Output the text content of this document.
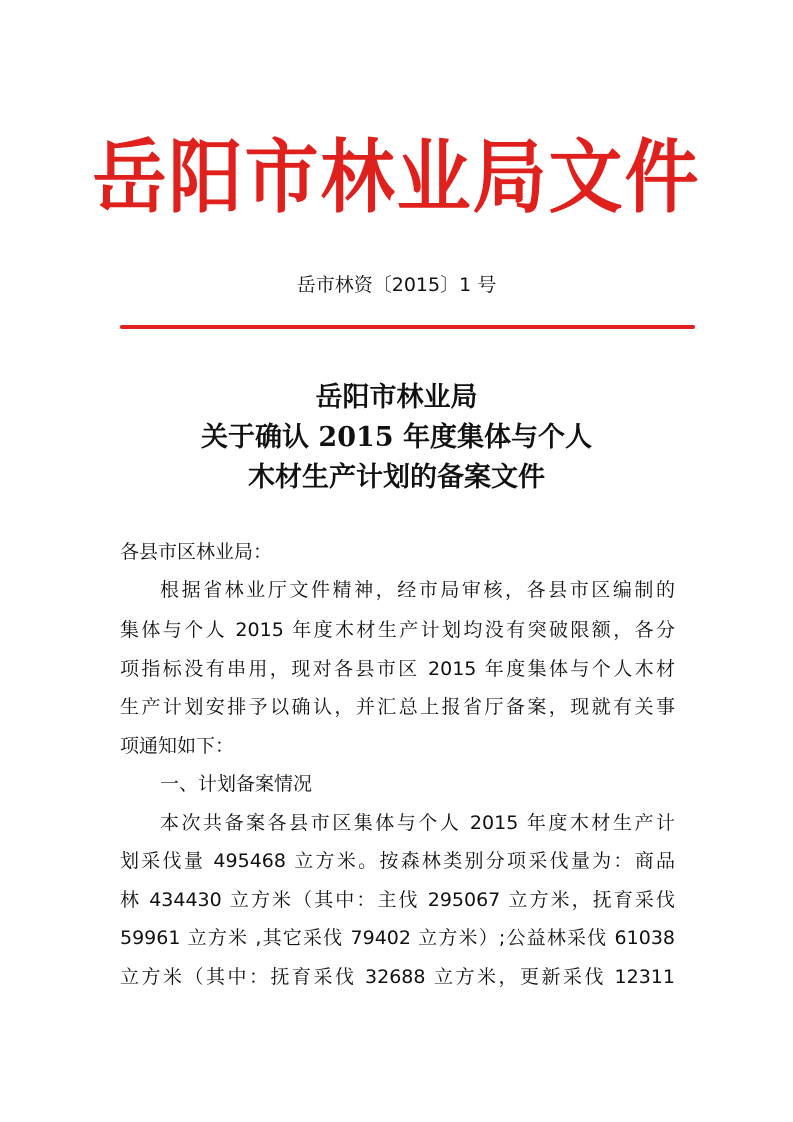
岳阳市林业局文件
岳市林资〔2015〕1 号
岳阳市林业局
关于确认 2015 年度集体与个人
木材生产计划的备案文件
各县市区林业局：
根据省林业厅文件精神，经市局审核，各县市区编制的
集体与个人 2015 年度木材生产计划均没有突破限额，各分
项指标没有串用，现对各县市区 2015 年度集体与个人木材
生产计划安排予以确认，并汇总上报省厅备案，现就有关事
项通知如下：
一、计划备案情况
本次共备案各县市区集体与个人 2015 年度木材生产计
划采伐量 495468 立方米。按森林类别分项采伐量为：商品
林 434430 立方米（其中：主伐 295067 立方米，抚育采伐
59961 立方米 ,其它采伐 79402 立方米）;公益林采伐 61038
立方米（其中：抚育采伐 32688 立方米，更新采伐 12311
